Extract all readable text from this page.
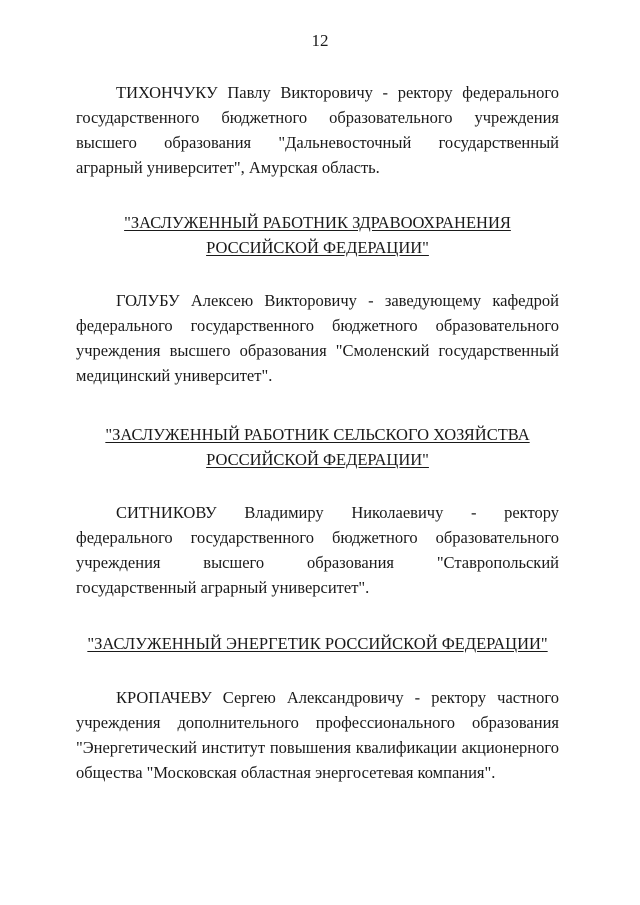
12

ТИХОНЧУКУ Павлу Викторовичу - ректору федерального государственного бюджетного образовательного учреждения высшего образования "Дальневосточный государственный аграрный университет", Амурская область.

"ЗАСЛУЖЕННЫЙ РАБОТНИК ЗДРАВООХРАНЕНИЯ
РОССИЙСКОЙ ФЕДЕРАЦИИ"

ГОЛУБУ Алексею Викторовичу - заведующему кафедрой федерального государственного бюджетного образовательного учреждения высшего образования "Смоленский государственный медицинский университет".

"ЗАСЛУЖЕННЫЙ РАБОТНИК СЕЛЬСКОГО ХОЗЯЙСТВА
РОССИЙСКОЙ ФЕДЕРАЦИИ"

СИТНИКОВУ Владимиру Николаевичу - ректору федерального государственного бюджетного образовательного учреждения высшего образования "Ставропольский государственный аграрный университет".

"ЗАСЛУЖЕННЫЙ ЭНЕРГЕТИК РОССИЙСКОЙ ФЕДЕРАЦИИ"

КРОПАЧЕВУ Сергею Александровичу - ректору частного учреждения дополнительного профессионального образования "Энергетический институт повышения квалификации акционерного общества "Московская областная энергосетевая компания".
